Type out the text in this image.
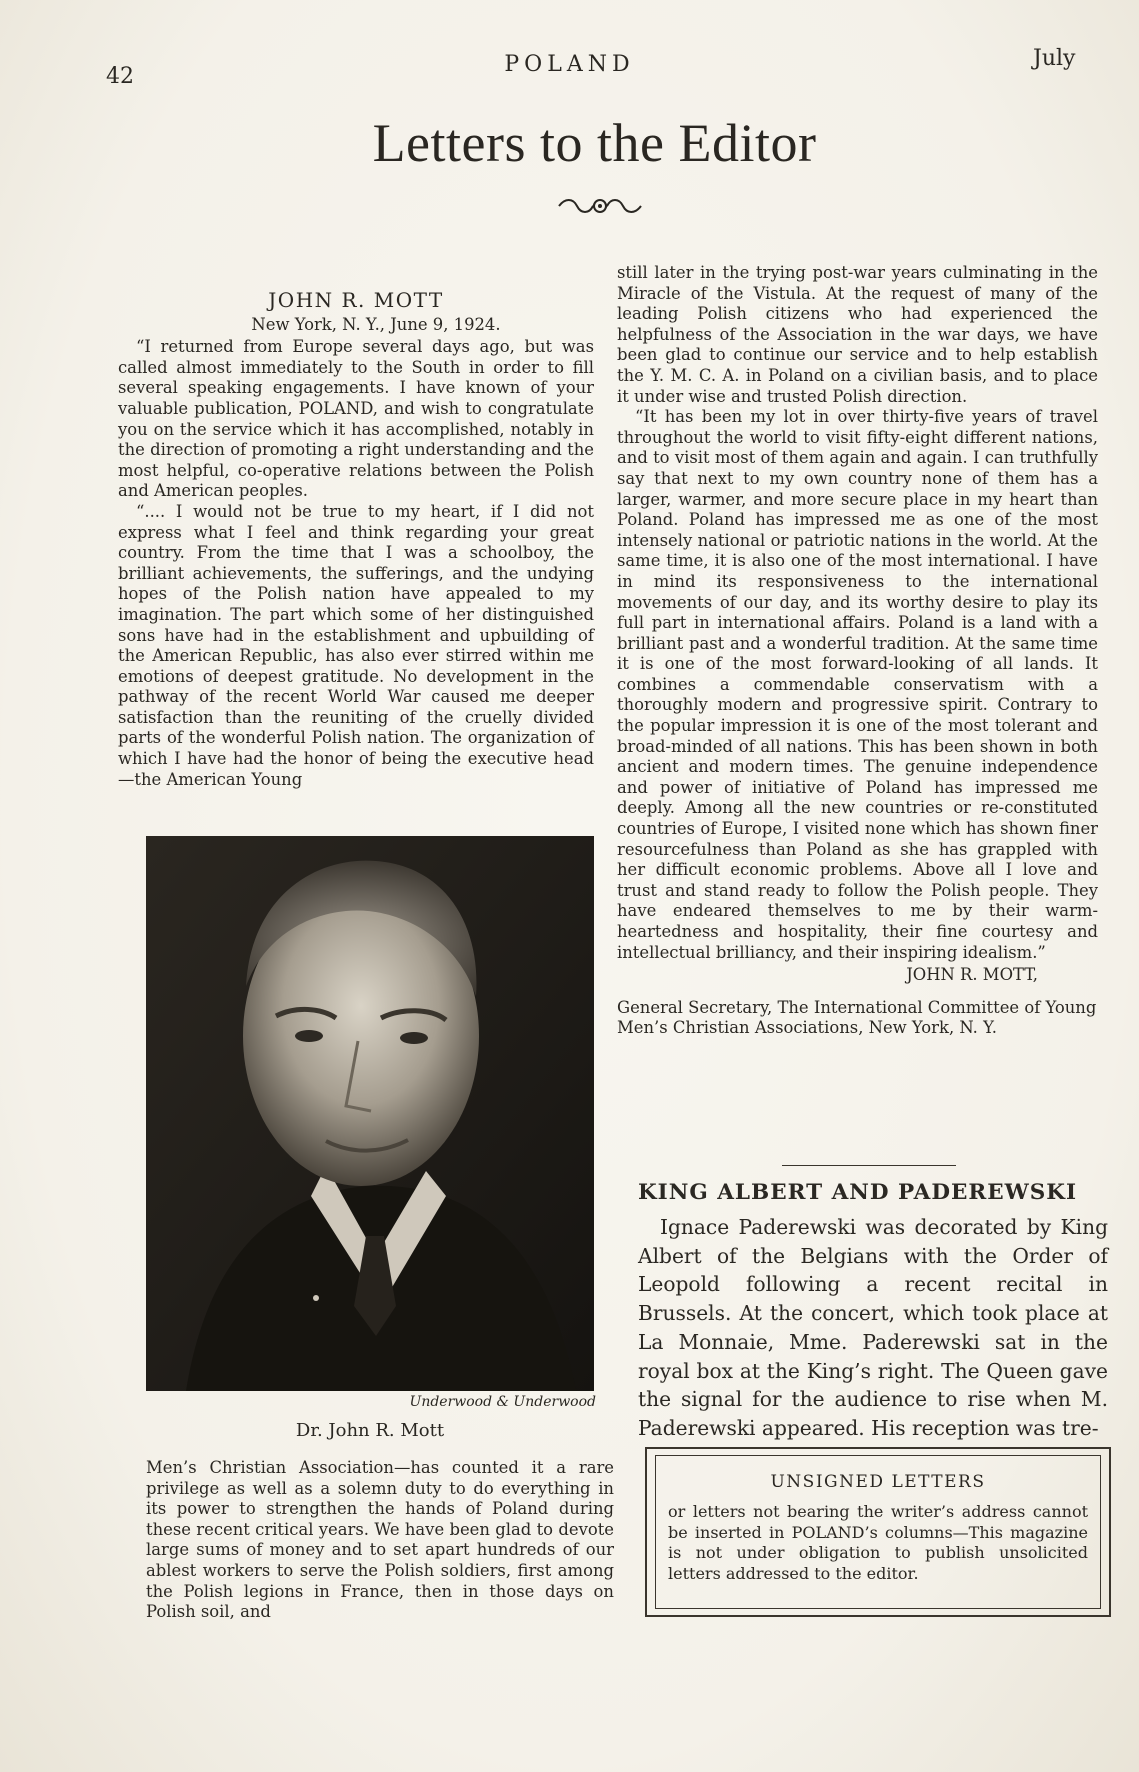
42	POLAND	July
Letters to the Editor
JOHN R. MOTT
New York, N. Y., June 9, 1924.

“I returned from Europe several days ago, but was called almost immediately to the South in order to fill several speaking engagements. I have known of your valuable publication, POLAND, and wish to congratulate you on the service which it has accomplished, notably in the direction of promoting a right understanding and the most helpful, co-operative relations between the Polish and American peoples.

“.... I would not be true to my heart, if I did not express what I feel and think regarding your great country. From the time that I was a schoolboy, the brilliant achievements, the sufferings, and the undying hopes of the Polish nation have appealed to my imagination. The part which some of her distinguished sons have had in the establishment and upbuilding of the American Republic, has also ever stirred within me emotions of deepest gratitude. No development in the pathway of the recent World War caused me deeper satisfaction than the reuniting of the cruelly divided parts of the wonderful Polish nation. The organization of which I have had the honor of being the executive head—the American Young

Underwood & Underwood
Dr. John R. Mott

Men’s Christian Association—has counted it a rare privilege as well as a solemn duty to do everything in its power to strengthen the hands of Poland during these recent critical years. We have been glad to devote large sums of money and to set apart hundreds of our ablest workers to serve the Polish soldiers, first among the Polish legions in France, then in those days on Polish soil, and

still later in the trying post-war years culminating in the Miracle of the Vistula. At the request of many of the leading Polish citizens who had experienced the helpfulness of the Association in the war days, we have been glad to continue our service and to help establish the Y. M. C. A. in Poland on a civilian basis, and to place it under wise and trusted Polish direction.

“It has been my lot in over thirty-five years of travel throughout the world to visit fifty-eight different nations, and to visit most of them again and again. I can truthfully say that next to my own country none of them has a larger, warmer, and more secure place in my heart than Poland. Poland has impressed me as one of the most intensely national or patriotic nations in the world. At the same time, it is also one of the most international. I have in mind its responsiveness to the international movements of our day, and its worthy desire to play its full part in international affairs. Poland is a land with a brilliant past and a wonderful tradition. At the same time it is one of the most forward-looking of all lands. It combines a commendable conservatism with a thoroughly modern and progressive spirit. Contrary to the popular impression it is one of the most tolerant and broad-minded of all nations. This has been shown in both ancient and modern times. The genuine independence and power of initiative of Poland has impressed me deeply. Among all the new countries or re-constituted countries of Europe, I visited none which has shown finer resourcefulness than Poland as she has grappled with her difficult economic problems. Above all I love and trust and stand ready to follow the Polish people. They have endeared themselves to me by their warm-heartedness and hospitality, their fine courtesy and intellectual brilliancy, and their inspiring idealism.”

JOHN R. MOTT,
General Secretary, The International Committee of Young Men’s Christian Associations, New York, N. Y.
KING ALBERT AND PADEREWSKI

Ignace Paderewski was decorated by King Albert of the Belgians with the Order of Leopold following a recent recital in Brussels. At the concert, which took place at La Monnaie, Mme. Paderewski sat in the royal box at the King’s right. The Queen gave the signal for the audience to rise when M. Paderewski appeared. His reception was tre-

UNSIGNED LETTERS
or letters not bearing the writer’s address cannot be inserted in POLAND’s columns—This magazine is not under obligation to publish unsolicited letters addressed to the editor.
